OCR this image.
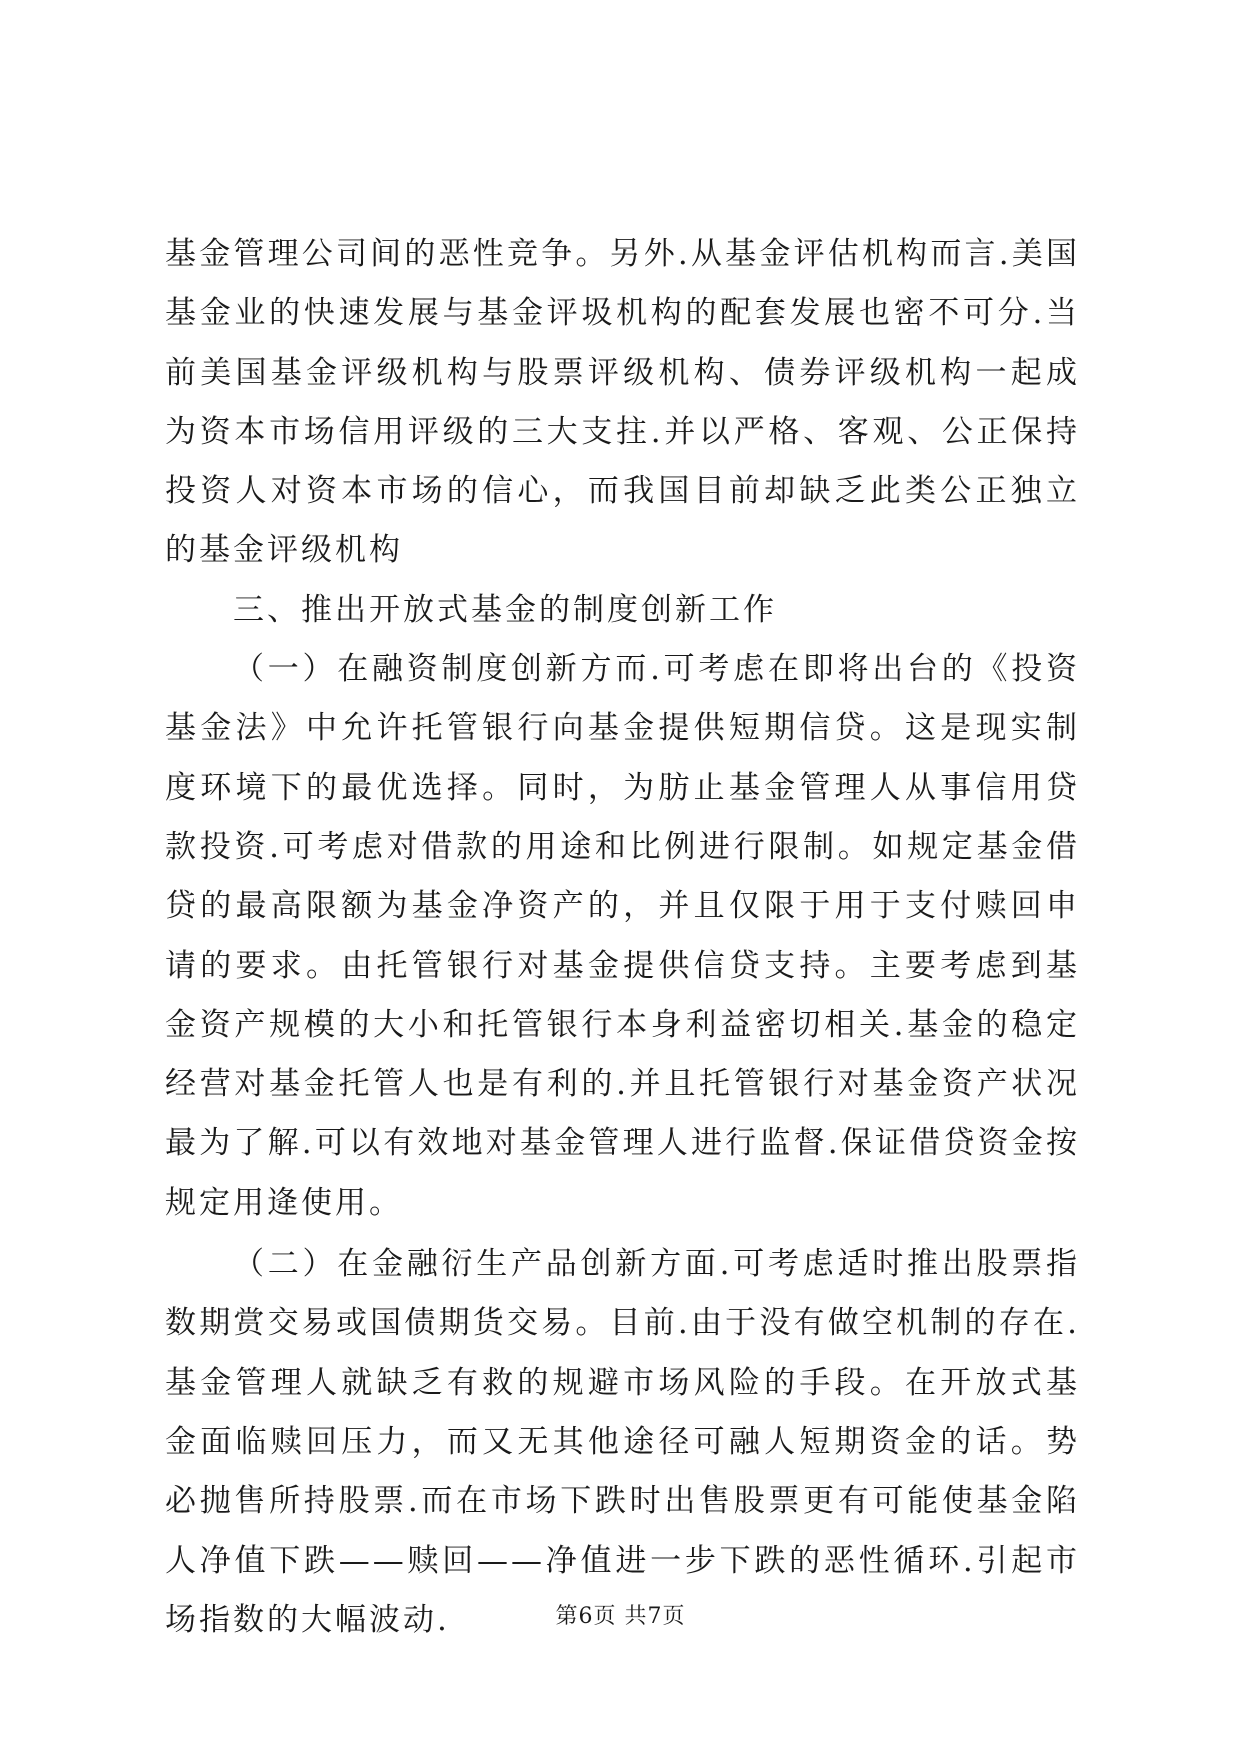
基金管理公司间的恶性竞争。另外.从基金评估机构而言.美国基金业的快速发展与基金评圾机构的配套发展也密不可分.当前美国基金评级机构与股票评级机构、债券评级机构一起成为资本市场信用评级的三大支拄.并以严格、客观、公正保持投资人对资本市场的信心，而我国目前却缺乏此类公正独立的基金评级机构

三、推出开放式基金的制度创新工作

（一）在融资制度创新方而.可考虑在即将出台的《投资基金法》中允许托管银行向基金提供短期信贷。这是现实制度环境下的最优选择。同时，为肪止基金管理人从事信用贷款投资.可考虑对借款的用途和比例进行限制。如规定基金借贷的最高限额为基金净资产的，并且仅限于用于支付赎回申请的要求。由托管银行对基金提供信贷支持。主要考虑到基金资产规模的大小和托管银行本身利益密切相关.基金的稳定经营对基金托管人也是有利的.并且托管银行对基金资产状况最为了解.可以有效地对基金管理人进行监督.保证借贷资金按规定用逄使用。

（二）在金融衍生产品创新方面.可考虑适时推出股票指数期赏交易或国债期货交易。目前.由于没有做空机制的存在.基金管理人就缺乏有救的规避市场风险的手段。在开放式基金面临赎回压力，而又无其他途径可融人短期资金的话。势必抛售所持股票.而在市场下跌时出售股票更有可能使基金陷人净值下跌——赎回——净值进一步下跌的恶性循环.引起市场指数的大幅波动.	第6页 共7页
